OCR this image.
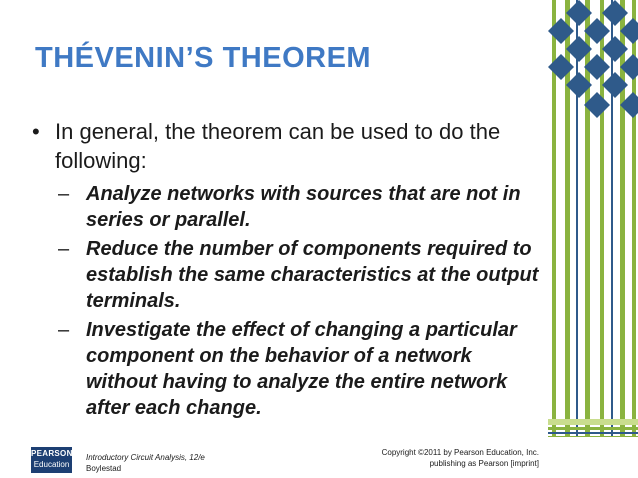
THÉVENIN’S THEOREM
• In general, the theorem can be used to do the following:
– Analyze networks with sources that are not in series or parallel.
– Reduce the number of components required to establish the same characteristics at the output terminals.
– Investigate the effect of changing a particular component on the behavior of a network without having to analyze the entire network after each change.
PEARSON
Education
Introductory Circuit Analysis, 12/e
Boylestad
Copyright ©2011 by Pearson Education, Inc.
publishing as Pearson [imprint]
